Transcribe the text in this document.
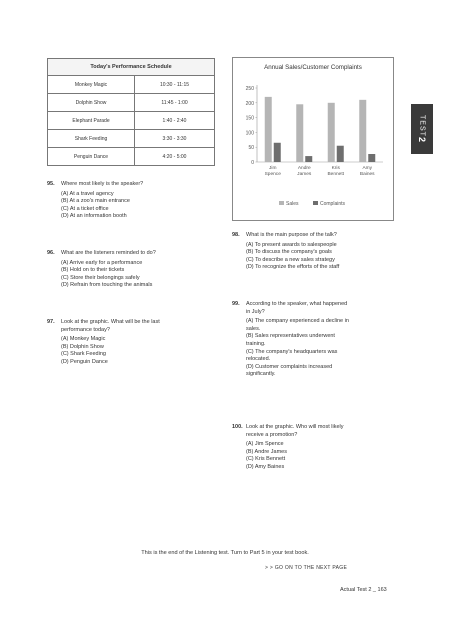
Today's Performance Schedule	
Monkey Magic	10:30 - 11:15
Dolphin Show	11:45 - 1:00
Elephant Parade	1:40 - 2:40
Shark Feeding	3:30 - 3:30
Penguin Dance	4:20 - 5:00
Annual Sales/Customer Complaints
250
200
150
100
50
0
Jim
Spence
Andre
James
Kris
Bennett
Amy
Baines
Sales	Complaints
TEST
2
95.	Where most likely is the speaker?
(A) At a travel agency
(B) At a zoo's main entrance
(C) At a ticket office
(D) At an information booth
96.	What are the listeners reminded to do?
(A) Arrive early for a performance
(B) Hold on to their tickets
(C) Store their belongings safely
(D) Refrain from touching the animals
97.	Look at the graphic. What will be the last
performance today?
(A) Monkey Magic
(B) Dolphin Show
(C) Shark Feeding
(D) Penguin Dance
98.	What is the main purpose of the talk?
(A) To present awards to salespeople
(B) To discuss the company's goals
(C) To describe a new sales strategy
(D) To recognize the efforts of the staff
99.	According to the speaker, what happened
in July?
(A) The company experienced a decline in
sales.
(B) Sales representatives underwent
training.
(C) The company's headquarters was
relocated.
(D) Customer complaints increased
significantly.
100. Look at the graphic. Who will most likely
receive a promotion?
(A) Jim Spence
(B) Andre James
(C) Kris Bennett
(D) Amy Baines
This is the end of the Listening test. Turn to Part 5 in your test book.
> > GO ON TO THE NEXT PAGE
Actual Test 2 _ 163
